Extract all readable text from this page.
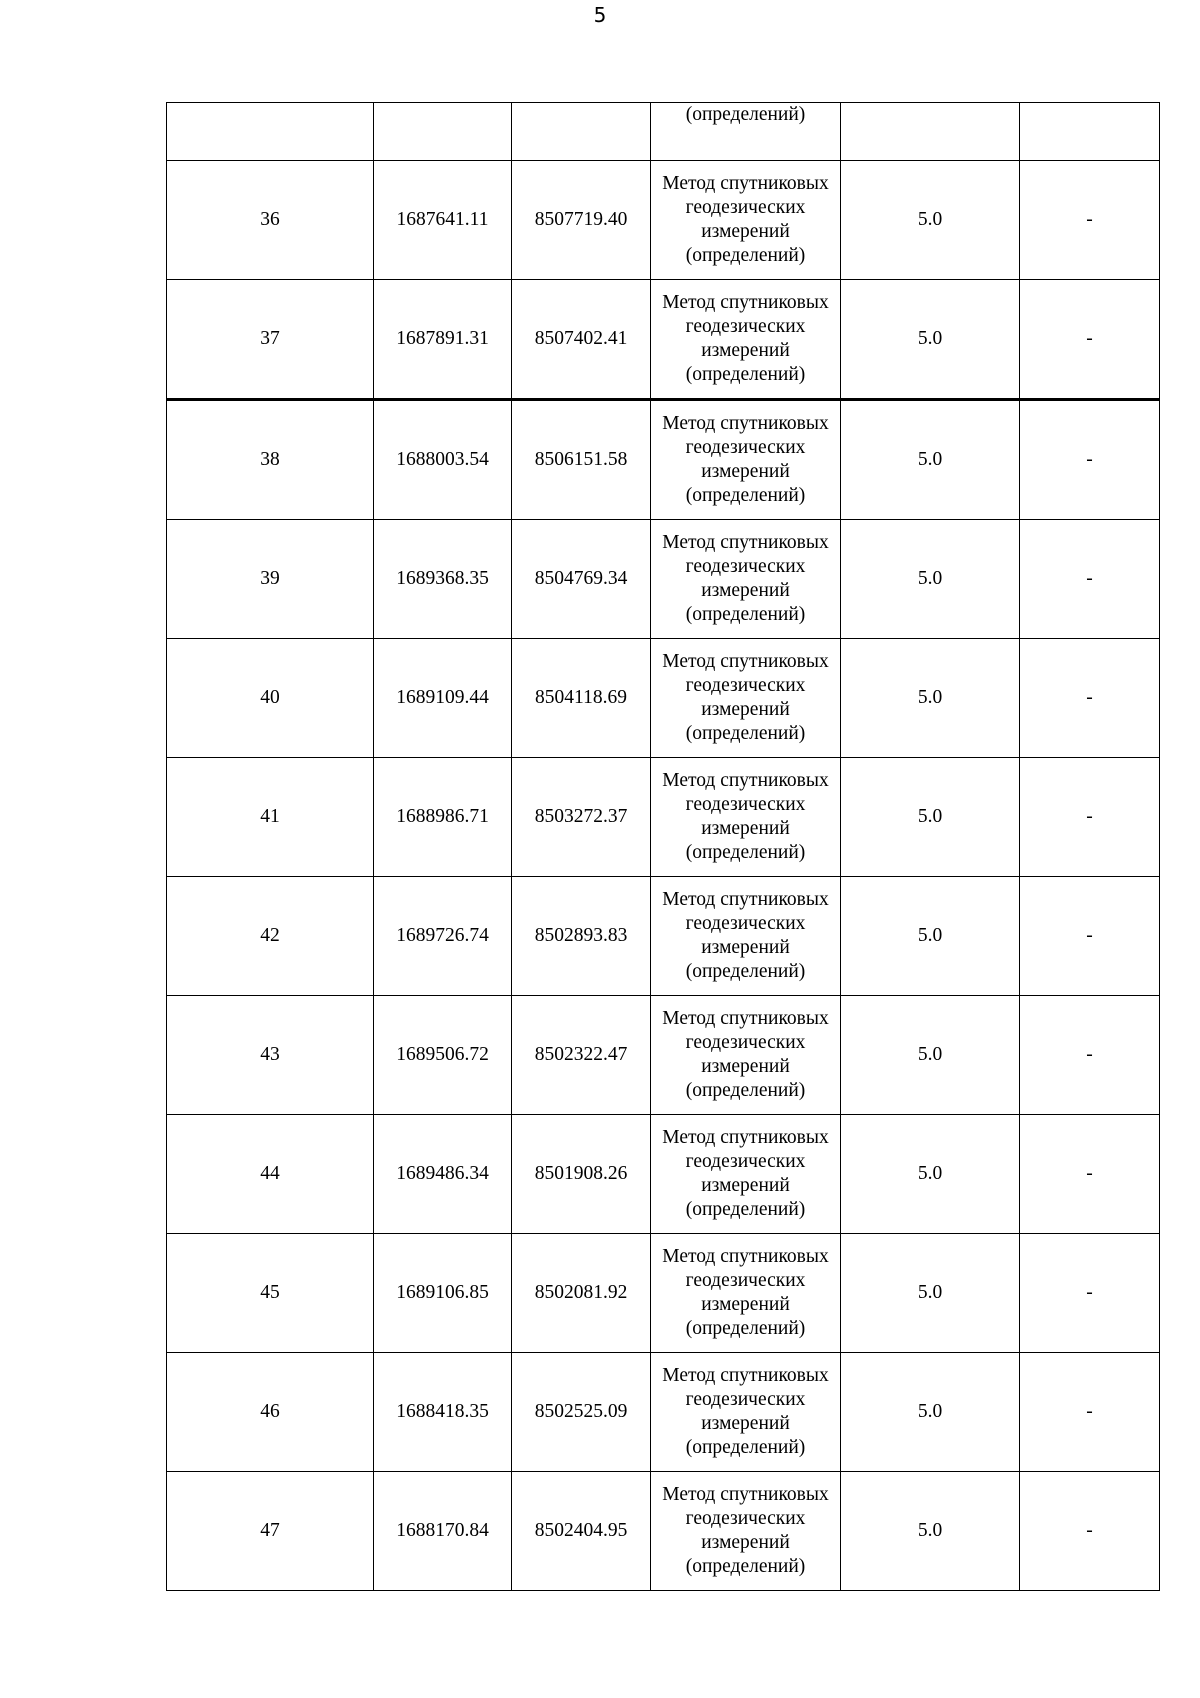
5
			(определений)		
36	1687641.11	8507719.40	Метод спутниковых
геодезических
измерений
(определений)	5.0	-
37	1687891.31	8507402.41	Метод спутниковых
геодезических
измерений
(определений)	5.0	-
38	1688003.54	8506151.58	Метод спутниковых
геодезических
измерений
(определений)	5.0	-
39	1689368.35	8504769.34	Метод спутниковых
геодезических
измерений
(определений)	5.0	-
40	1689109.44	8504118.69	Метод спутниковых
геодезических
измерений
(определений)	5.0	-
41	1688986.71	8503272.37	Метод спутниковых
геодезических
измерений
(определений)	5.0	-
42	1689726.74	8502893.83	Метод спутниковых
геодезических
измерений
(определений)	5.0	-
43	1689506.72	8502322.47	Метод спутниковых
геодезических
измерений
(определений)	5.0	-
44	1689486.34	8501908.26	Метод спутниковых
геодезических
измерений
(определений)	5.0	-
45	1689106.85	8502081.92	Метод спутниковых
геодезических
измерений
(определений)	5.0	-
46	1688418.35	8502525.09	Метод спутниковых
геодезических
измерений
(определений)	5.0	-
47	1688170.84	8502404.95	Метод спутниковых
геодезических
измерений
(определений)	5.0	-
